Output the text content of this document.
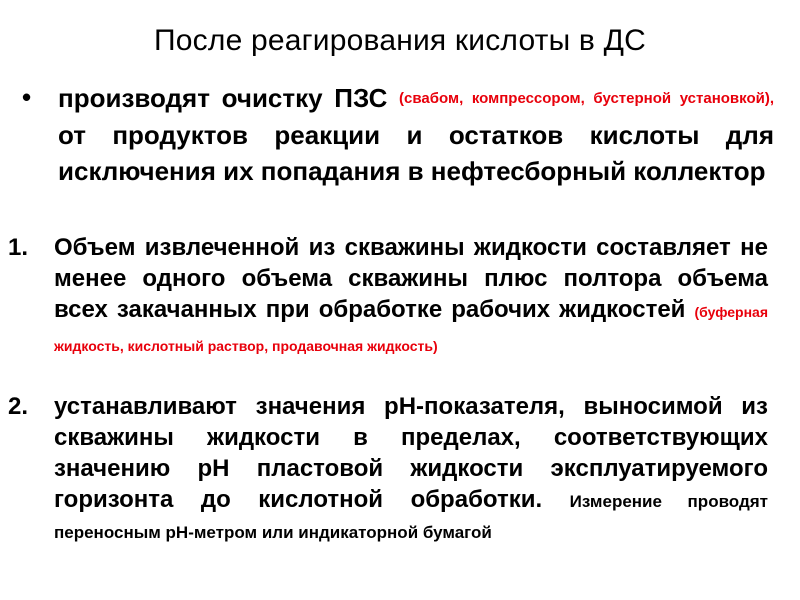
После реагирования кислоты в ДС
• производят очистку ПЗС (свабом, компрессором, бустерной установкой), от продуктов реакции и остатков кислоты для исключения их попадания в нефтесборный коллектор
1. Объем извлеченной из скважины жидкости составляет не менее одного объема скважины плюс полтора объема всех закачанных при обработке рабочих жидкостей (буферная жидкость, кислотный раствор, продавочная жидкость)
2. устанавливают значения рН-показателя, выносимой из скважины жидкости в пределах, соответствующих значению рН пластовой жидкости эксплуатируемого горизонта до кислотной обработки. Измерение проводят переносным рН-метром или индикаторной бумагой
